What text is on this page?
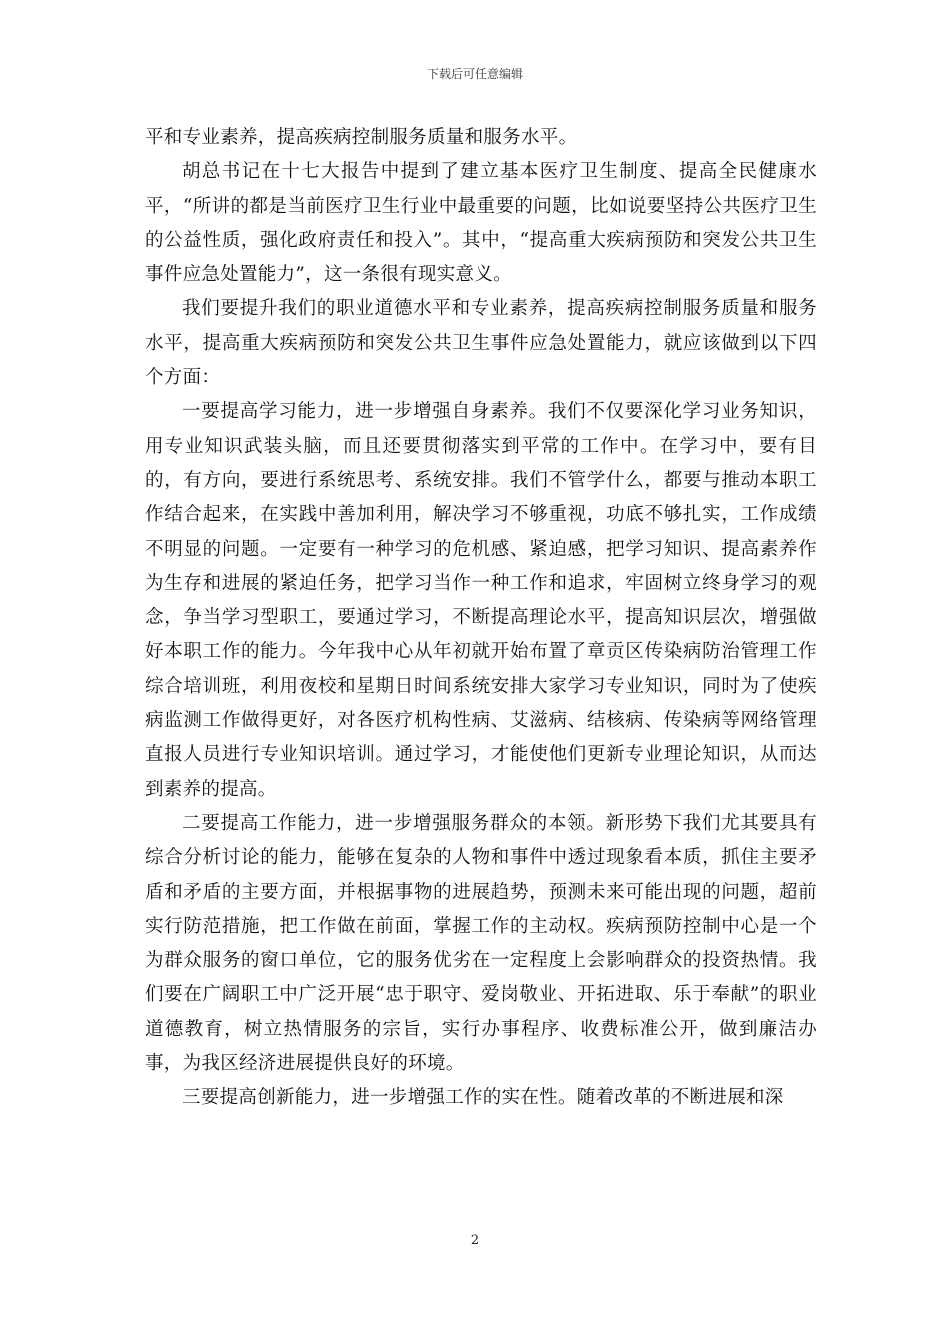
下载后可任意编辑

平和专业素养，提高疾病控制服务质量和服务水平。

胡总书记在十七大报告中提到了建立基本医疗卫生制度、提高全民健康水平，“所讲的都是当前医疗卫生行业中最重要的问题，比如说要坚持公共医疗卫生的公益性质，强化政府责任和投入”。其中，“提高重大疾病预防和突发公共卫生事件应急处置能力”，这一条很有现实意义。

我们要提升我们的职业道德水平和专业素养，提高疾病控制服务质量和服务水平，提高重大疾病预防和突发公共卫生事件应急处置能力，就应该做到以下四个方面：

一要提高学习能力，进一步增强自身素养。我们不仅要深化学习业务知识，用专业知识武装头脑，而且还要贯彻落实到平常的工作中。在学习中，要有目的，有方向，要进行系统思考、系统安排。我们不管学什么，都要与推动本职工作结合起来，在实践中善加利用，解决学习不够重视，功底不够扎实，工作成绩不明显的问题。一定要有一种学习的危机感、紧迫感，把学习知识、提高素养作为生存和进展的紧迫任务，把学习当作一种工作和追求，牢固树立终身学习的观念，争当学习型职工，要通过学习，不断提高理论水平，提高知识层次，增强做好本职工作的能力。今年我中心从年初就开始布置了章贡区传染病防治管理工作综合培训班，利用夜校和星期日时间系统安排大家学习专业知识，同时为了使疾病监测工作做得更好，对各医疗机构性病、艾滋病、结核病、传染病等网络管理直报人员进行专业知识培训。通过学习，才能使他们更新专业理论知识，从而达到素养的提高。

二要提高工作能力，进一步增强服务群众的本领。新形势下我们尤其要具有综合分析讨论的能力，能够在复杂的人物和事件中透过现象看本质，抓住主要矛盾和矛盾的主要方面，并根据事物的进展趋势，预测未来可能出现的问题，超前实行防范措施，把工作做在前面，掌握工作的主动权。疾病预防控制中心是一个为群众服务的窗口单位，它的服务优劣在一定程度上会影响群众的投资热情。我们要在广阔职工中广泛开展“忠于职守、爱岗敬业、开拓进取、乐于奉献”的职业道德教育，树立热情服务的宗旨，实行办事程序、收费标准公开，做到廉洁办事，为我区经济进展提供良好的环境。

三要提高创新能力，进一步增强工作的实在性。随着改革的不断进展和深

2
